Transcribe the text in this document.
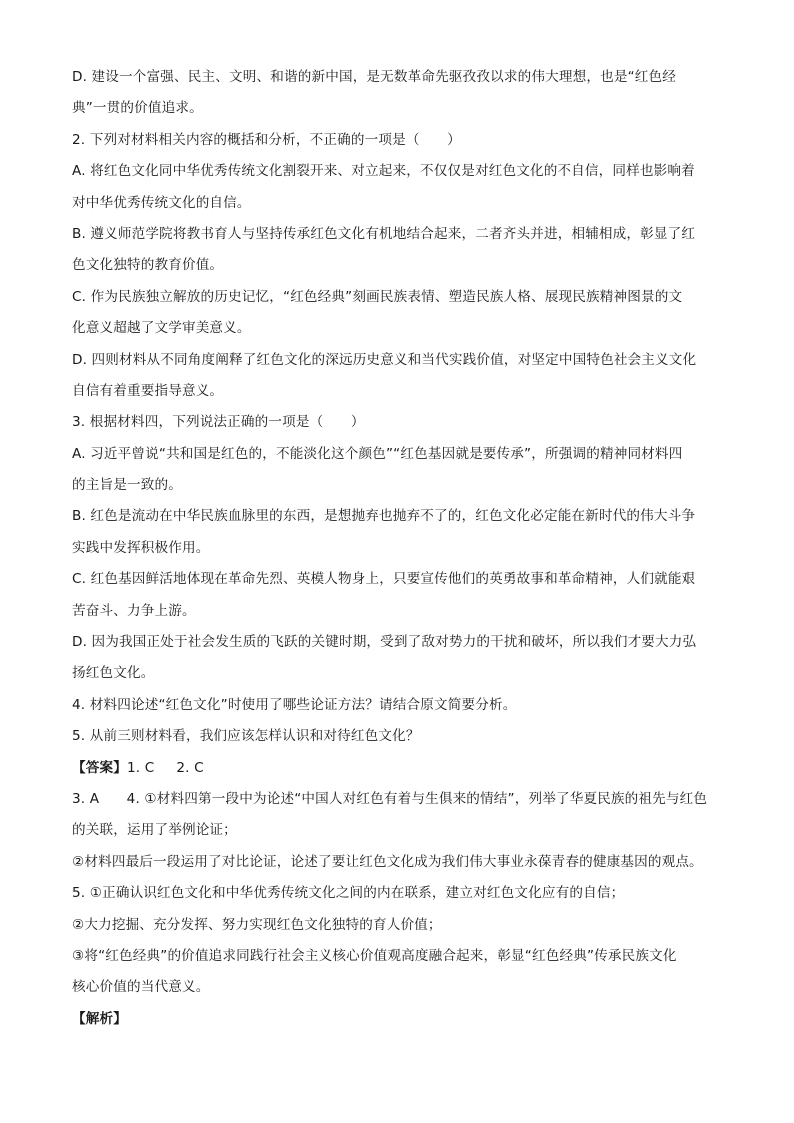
D. 建设一个富强、民主、文明、和谐的新中国，是无数革命先驱孜孜以求的伟大理想，也是“红色经
典”一贯的价值追求。
2. 下列对材料相关内容的概括和分析，不正确的一项是（　　）
A. 将红色文化同中华优秀传统文化割裂开来、对立起来，不仅仅是对红色文化的不自信，同样也影响着
对中华优秀传统文化的自信。
B. 遵义师范学院将教书育人与坚持传承红色文化有机地结合起来，二者齐头并进，相辅相成，彰显了红
色文化独特的教育价值。
C. 作为民族独立解放的历史记忆，“红色经典”刻画民族表情、塑造民族人格、展现民族精神图景的文
化意义超越了文学审美意义。
D. 四则材料从不同角度阐释了红色文化的深远历史意义和当代实践价值，对坚定中国特色社会主义文化
自信有着重要指导意义。
3. 根据材料四，下列说法正确的一项是（　　）
A. 习近平曾说“共和国是红色的，不能淡化这个颜色”“红色基因就是要传承”，所强调的精神同材料四
的主旨是一致的。
B. 红色是流动在中华民族血脉里的东西，是想抛弃也抛弃不了的，红色文化必定能在新时代的伟大斗争
实践中发挥积极作用。
C. 红色基因鲜活地体现在革命先烈、英模人物身上，只要宣传他们的英勇故事和革命精神，人们就能艰
苦奋斗、力争上游。
D. 因为我国正处于社会发生质的飞跃的关键时期，受到了敌对势力的干扰和破坏，所以我们才要大力弘
扬红色文化。
4. 材料四论述“红色文化”时使用了哪些论证方法？请结合原文简要分析。
5. 从前三则材料看，我们应该怎样认识和对待红色文化？
【答案】1. C 2. C
3. A　　4. ①材料四第一段中为论述“中国人对红色有着与生俱来的情结”，列举了华夏民族的祖先与红色
的关联，运用了举例论证；
②材料四最后一段运用了对比论证，论述了要让红色文化成为我们伟大事业永葆青春的健康基因的观点。
5. ①正确认识红色文化和中华优秀传统文化之间的内在联系，建立对红色文化应有的自信；
②大力挖掘、充分发挥、努力实现红色文化独特的育人价值；
③将“红色经典”的价值追求同践行社会主义核心价值观高度融合起来，彰显“红色经典”传承民族文化
核心价值的当代意义。
【解析】
